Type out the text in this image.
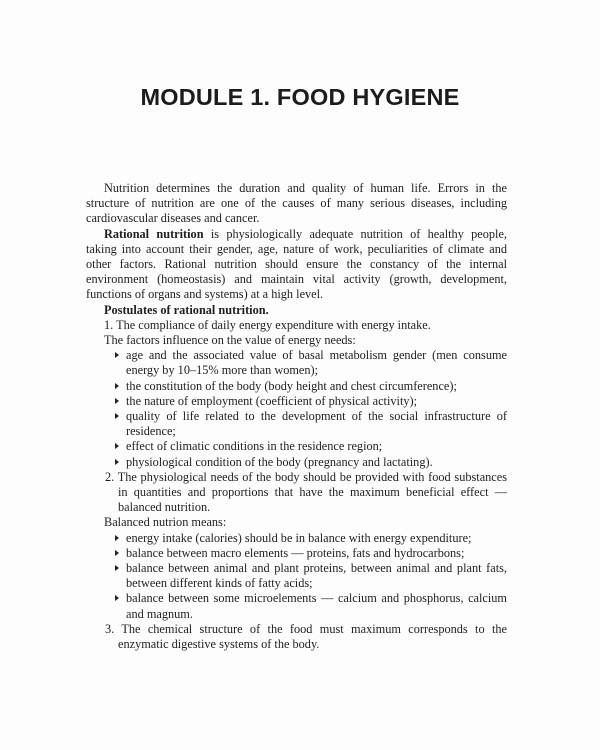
MODULE 1. FOOD HYGIENE

Nutrition determines the duration and quality of human life. Errors in the structure of nutrition are one of the causes of many serious diseases, including cardiovascular diseases and cancer.

Rational nutrition is physiologically adequate nutrition of healthy people, taking into account their gender, age, nature of work, peculiarities of climate and other factors. Rational nutrition should ensure the constancy of the internal environment (homeostasis) and maintain vital activity (growth, development, functions of organs and systems) at a high level.

Postulates of rational nutrition.

1. The compliance of daily energy expenditure with energy intake.

The factors influence on the value of energy needs:

age and the associated value of basal metabolism gender (men consume energy by 10–15% more than women);
the constitution of the body (body height and chest circumference);
the nature of employment (coefficient of physical activity);
quality of life related to the development of the social infrastructure of residence;
effect of climatic conditions in the residence region;
physiological condition of the body (pregnancy and lactating).

2. The physiological needs of the body should be provided with food substances in quantities and proportions that have the maximum beneficial effect — balanced nutrition.

Balanced nutrion means:

energy intake (calories) should be in balance with energy expenditure;
balance between macro elements — proteins, fats and hydrocarbons;
balance between animal and plant proteins, between animal and plant fats, between different kinds of fatty acids;
balance between some microelements — calcium and phosphorus, calcium and magnum.

3. The chemical structure of the food must maximum corresponds to the enzymatic digestive systems of the body.
